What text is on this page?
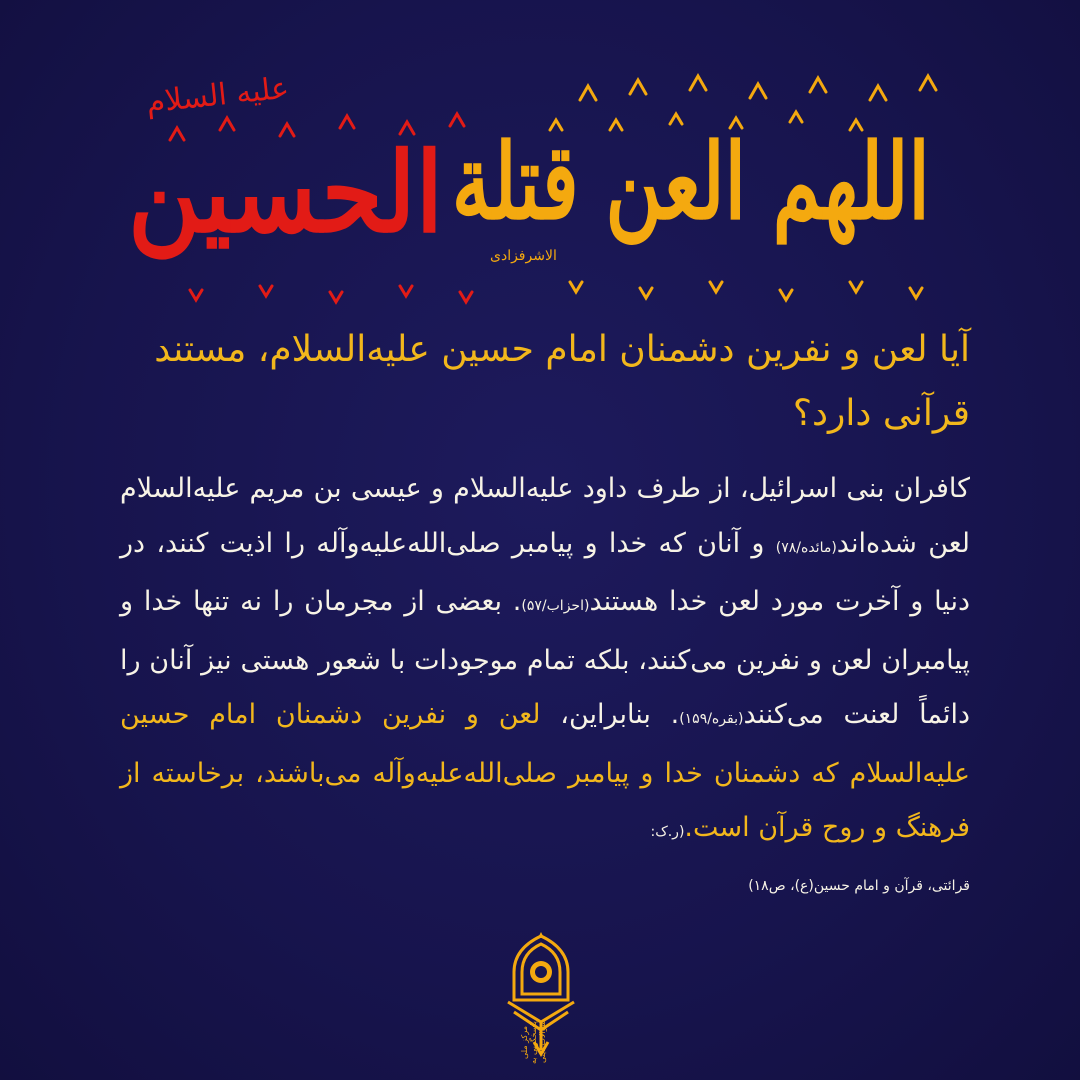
علیه السلام
الحسین اللهم العن قتلة
الاشرفزادی
آیا لعن و نفرین دشمنان امام حسین علیه‌السلام، مستند قرآنی دارد؟
کافران بنی اسرائیل، از طرف داود علیه‌السلام و عیسی بن مریم علیه‌السلام لعن شده‌اند(مائده/۷۸) و آنان که خدا و پیامبر صلی‌الله‌علیه‌وآله را اذیت کنند، در دنیا و آخرت مورد لعن خدا هستند(احزاب/۵۷). بعضی از مجرمان را نه تنها خدا و پیامبران لعن و نفرین می‌کنند، بلکه تمام موجودات با شعور هستی نیز آنان را دائماً لعنت می‌کنند(بقره/۱۵۹). بنابراین، لعن و نفرین دشمنان امام حسین علیه‌السلام که دشمنان خدا و پیامبر صلی‌الله‌علیه‌وآله می‌باشند، برخاسته از فرهنگ و روح قرآن است.(ر.ک:
قرائتی، قرآن و امام حسین(ع)، ص۱۸)
مرکز ملی پاسخگویی به سؤالات دینی
